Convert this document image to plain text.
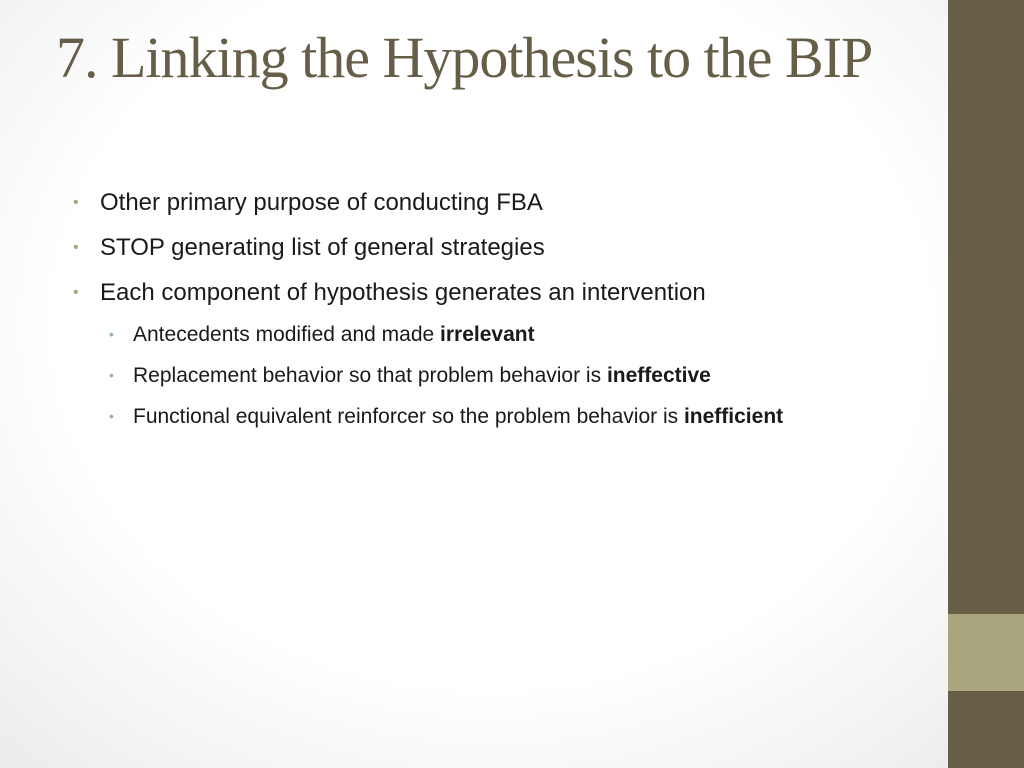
7. Linking the Hypothesis to the BIP
• Other primary purpose of conducting FBA
• STOP generating list of general strategies
• Each component of hypothesis generates an intervention
• Antecedents modified and made irrelevant
• Replacement behavior so that problem behavior is ineffective
• Functional equivalent reinforcer so the problem behavior is inefficient
